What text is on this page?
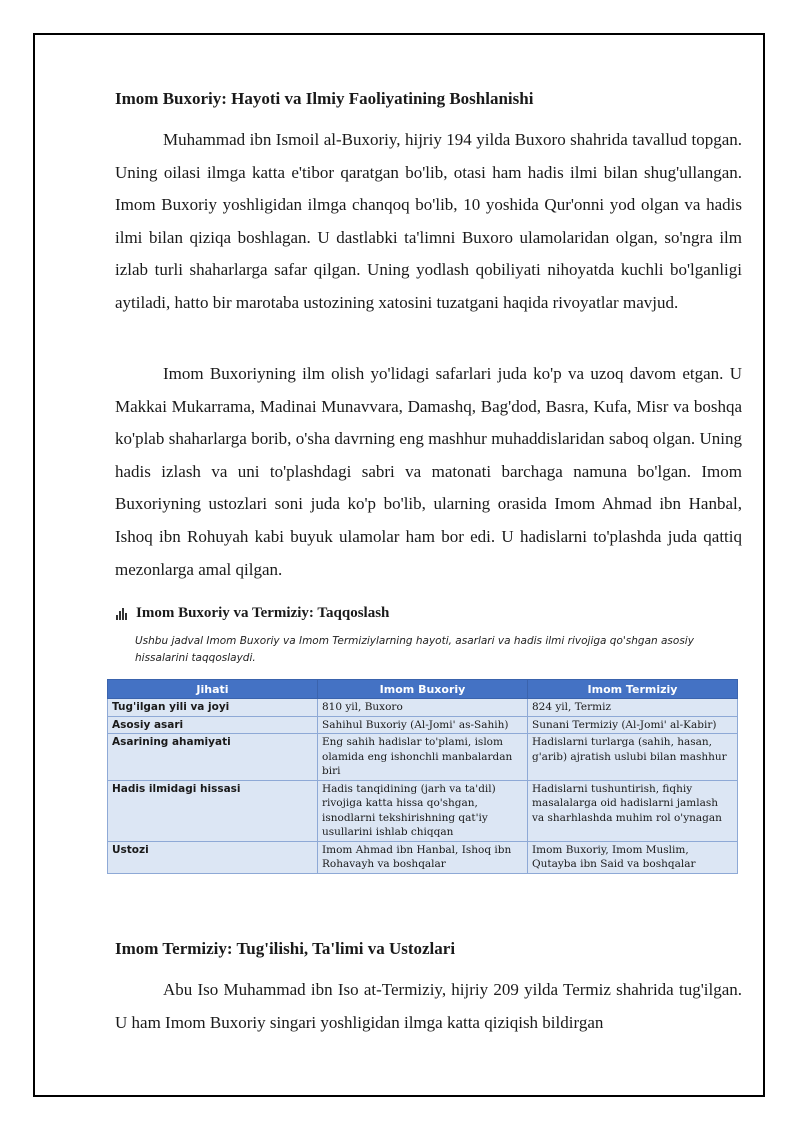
Imom Buxoriy: Hayoti va Ilmiy Faoliyatining Boshlanishi

Muhammad ibn Ismoil al-Buxoriy, hijriy 194 yilda Buxoro shahrida tavallud topgan. Uning oilasi ilmga katta e'tibor qaratgan bo'lib, otasi ham hadis ilmi bilan shug'ullangan. Imom Buxoriy yoshligidan ilmga chanqoq bo'lib, 10 yoshida Qur'onni yod olgan va hadis ilmi bilan qiziqa boshlagan. U dastlabki ta'limni Buxoro ulamolaridan olgan, so'ngra ilm izlab turli shaharlarga safar qilgan. Uning yodlash qobiliyati nihoyatda kuchli bo'lganligi aytiladi, hatto bir marotaba ustozining xatosini tuzatgani haqida rivoyatlar mavjud.

Imom Buxoriyning ilm olish yo'lidagi safarlari juda ko'p va uzoq davom etgan. U Makkai Mukarrama, Madinai Munavvara, Damashq, Bag'dod, Basra, Kufa, Misr va boshqa ko'plab shaharlarga borib, o'sha davrning eng mashhur muhaddislaridan saboq olgan. Uning hadis izlash va uni to'plashdagi sabri va matonati barchaga namuna bo'lgan. Imom Buxoriyning ustozlari soni juda ko'p bo'lib, ularning orasida Imom Ahmad ibn Hanbal, Ishoq ibn Rohuyah kabi buyuk ulamolar ham bor edi. U hadislarni to'plashda juda qattiq mezonlarga amal qilgan.

Imom Buxoriy va Termiziy: Taqqoslash
Ushbu jadval Imom Buxoriy va Imom Termiziylarning hayoti, asarlari va hadis ilmi rivojiga qo'shgan asosiy hissalarini taqqoslaydi.
Jihati	Imom Buxoriy	Imom Termiziy
Tug'ilgan yili va joyi	810 yil, Buxoro	824 yil, Termiz
Asosiy asari	Sahihul Buxoriy (Al-Jomi' as-Sahih)	Sunani Termiziy (Al-Jomi' al-Kabir)
Asarining ahamiyati	Eng sahih hadislar to'plami, islom olamida eng ishonchli manbalardan biri	Hadislarni turlarga (sahih, hasan, g'arib) ajratish uslubi bilan mashhur
Hadis ilmidagi hissasi	Hadis tanqidining (jarh va ta'dil) rivojiga katta hissa qo'shgan, isnodlarni tekshirishning qat'iy usullarini ishlab chiqqan	Hadislarni tushuntirish, fiqhiy masalalarga oid hadislarni jamlash va sharhlashda muhim rol o'ynagan
Ustozi	Imom Ahmad ibn Hanbal, Ishoq ibn Rohavayh va boshqalar	Imom Buxoriy, Imom Muslim, Qutayba ibn Said va boshqalar
Imom Termiziy: Tug'ilishi, Ta'limi va Ustozlari

Abu Iso Muhammad ibn Iso at-Termiziy, hijriy 209 yilda Termiz shahrida tug'ilgan. U ham Imom Buxoriy singari yoshligidan ilmga katta qiziqish bildirgan
